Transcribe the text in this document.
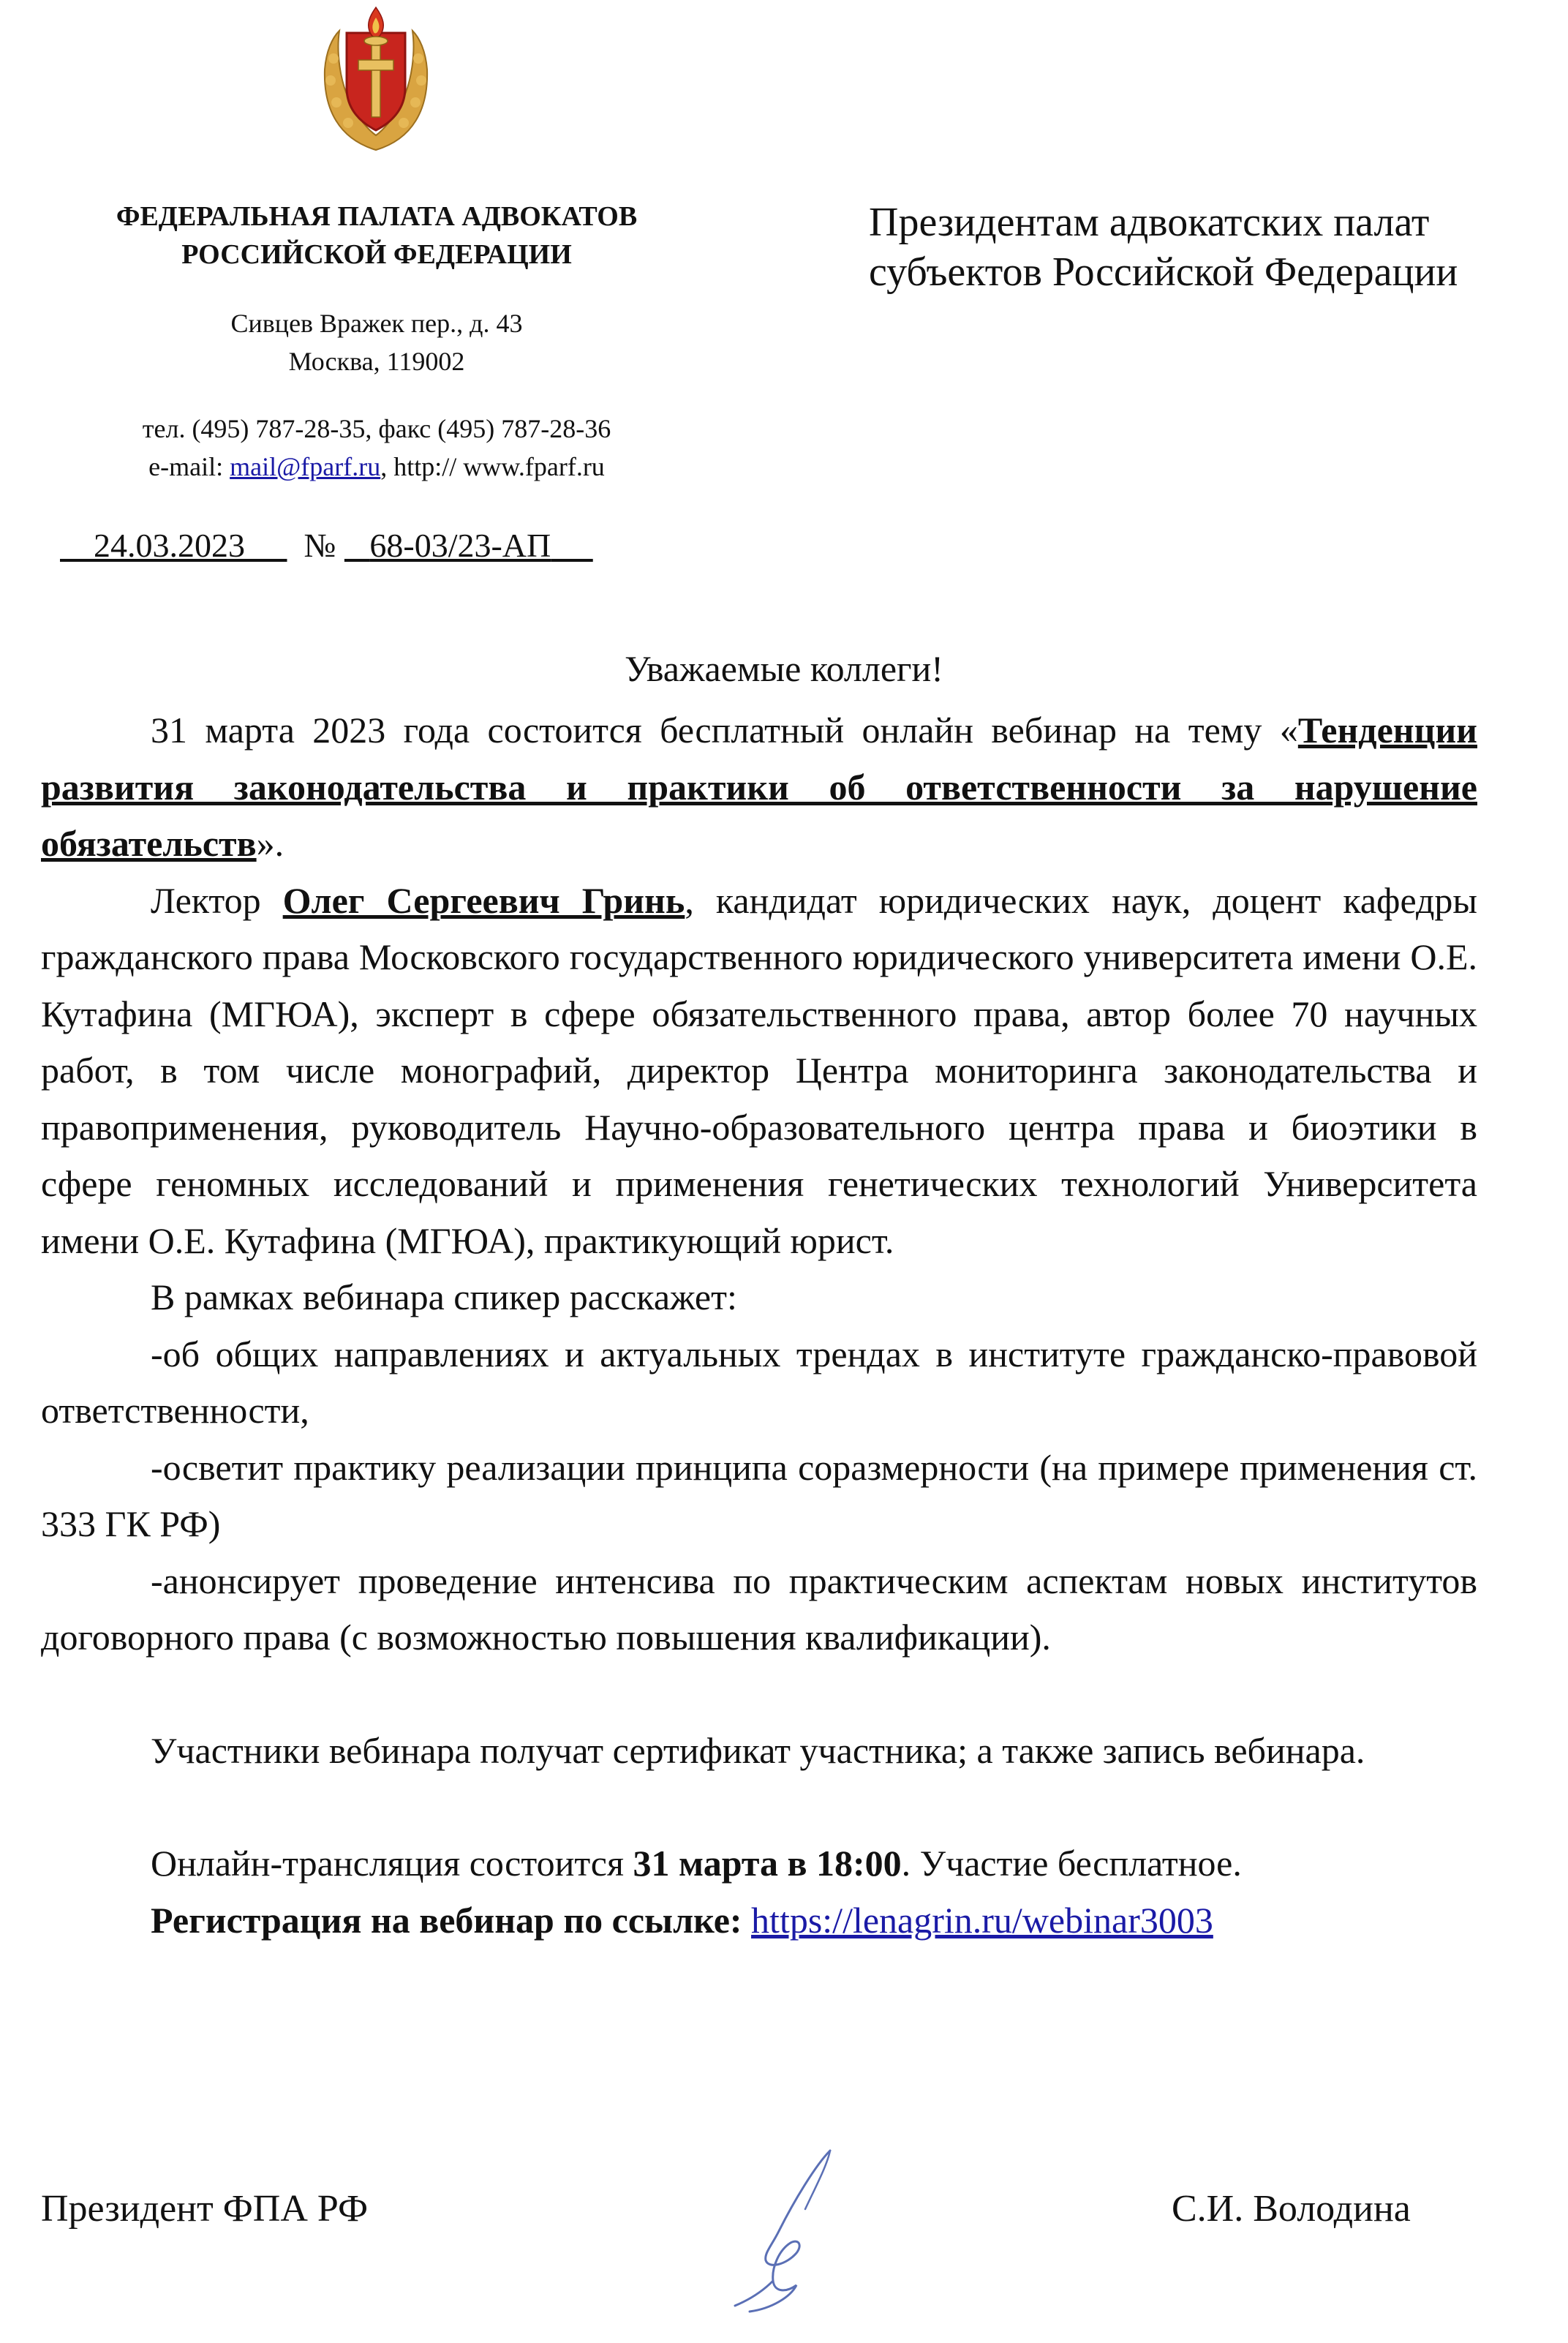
ФЕДЕРАЛЬНАЯ ПАЛАТА АДВОКАТОВ
РОССИЙСКОЙ ФЕДЕРАЦИИ
Сивцев Вражек пер., д. 43
Москва, 119002
тел. (495) 787-28-35, факс (495) 787-28-36
e-mail: mail@fparf.ru, http:// www.fparf.ru
24.03.2023 № 68-03/23-АП
Президентам адвокатских палат
субъектов Российской Федерации
Уважаемые коллеги!

31 марта 2023 года состоится бесплатный онлайн вебинар на тему «Тенденции развития законодательства и практики об ответственности за нарушение обязательств».

Лектор Олег Сергеевич Гринь, кандидат юридических наук, доцент кафедры гражданского права Московского государственного юридического университета имени О.Е. Кутафина (МГЮА), эксперт в сфере обязательственного права, автор более 70 научных работ, в том числе монографий, директор Центра мониторинга законодательства и правоприменения, руководитель Научно-образовательного центра права и биоэтики в сфере геномных исследований и применения генетических технологий Университета имени О.Е. Кутафина (МГЮА), практикующий юрист.

В рамках вебинара спикер расскажет:

-об общих направлениях и актуальных трендах в институте гражданско-правовой ответственности,

-осветит практику реализации принципа соразмерности (на примере применения ст. 333 ГК РФ)

-анонсирует проведение интенсива по практическим аспектам новых институтов договорного права (с возможностью повышения квалификации).

Участники вебинара получат сертификат участника; а также запись вебинара.

Онлайн-трансляция состоится 31 марта в 18:00. Участие бесплатное.

Регистрация на вебинар по ссылке: https://lenagrin.ru/webinar3003

Президент ФПА РФ	С.И. Володина
